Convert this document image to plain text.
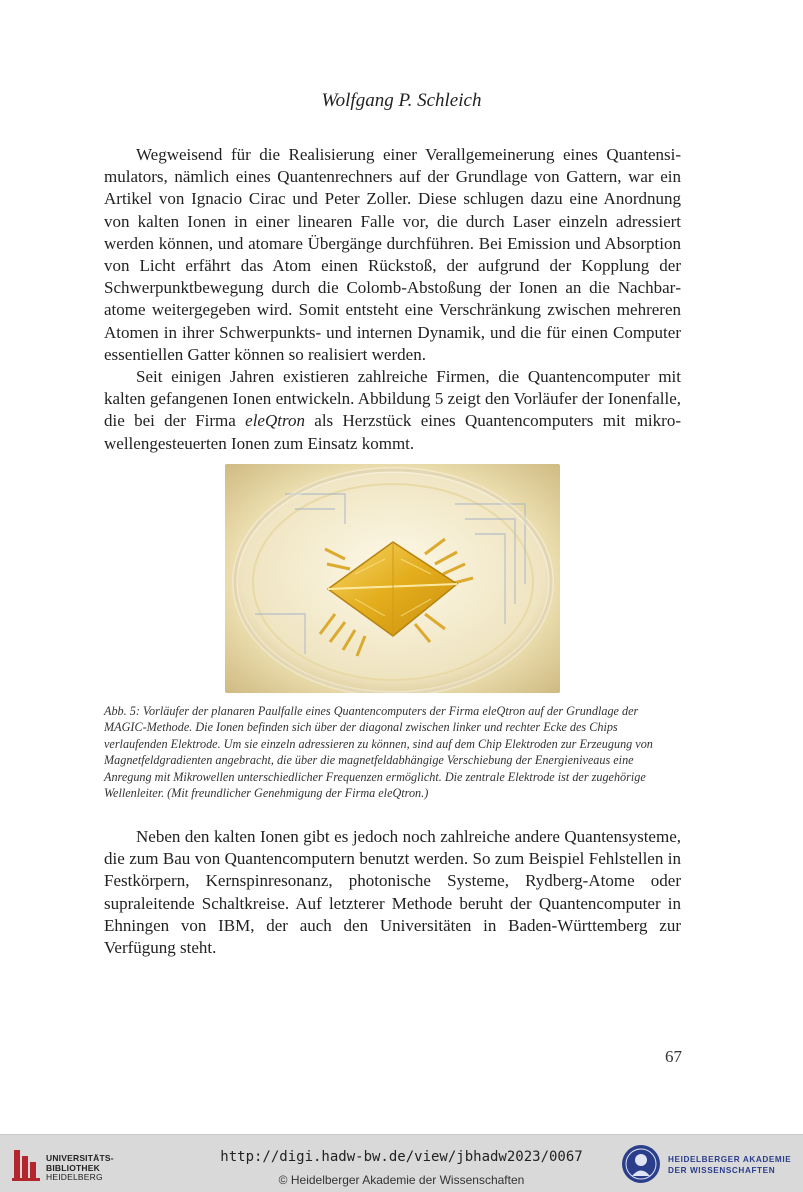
Wolfgang P. Schleich

Wegweisend für die Realisierung einer Verallgemeinerung eines Quantensimulators, nämlich eines Quantenrechners auf der Grundlage von Gattern, war ein Artikel von Ignacio Cirac und Peter Zoller. Diese schlugen dazu eine Anordnung von kalten Ionen in einer linearen Falle vor, die durch Laser einzeln adressiert werden können, und atomare Übergänge durchführen. Bei Emission und Absorption von Licht erfährt das Atom einen Rückstoß, der aufgrund der Kopplung der Schwerpunktbewegung durch die Colomb-Abstoßung der Ionen an die Nachbaratome weitergegeben wird. Somit entsteht eine Verschränkung zwischen mehreren Atomen in ihrer Schwerpunkts- und internen Dynamik, und die für einen Computer essentiellen Gatter können so realisiert werden.

Seit einigen Jahren existieren zahlreiche Firmen, die Quantencomputer mit kalten gefangenen Ionen entwickeln. Abbildung 5 zeigt den Vorläufer der Ionenfalle, die bei der Firma eleQtron als Herzstück eines Quantencomputers mit mikrowellengesteuerten Ionen zum Einsatz kommt.

Abb. 5: Vorläufer der planaren Paulfalle eines Quantencomputers der Firma eleQtron auf der Grundlage der MAGIC-Methode. Die Ionen befinden sich über der diagonal zwischen linker und rechter Ecke des Chips verlaufenden Elektrode. Um sie einzeln adressieren zu können, sind auf dem Chip Elektroden zur Erzeugung von Magnetfeldgradienten angebracht, die über die magnetfeldabhängige Verschiebung der Energieniveaus eine Anregung mit Mikrowellen unterschiedlicher Frequenzen ermöglicht. Die zentrale Elektrode ist der zugehörige Wellenleiter. (Mit freundlicher Genehmigung der Firma eleQtron.)

Neben den kalten Ionen gibt es jedoch noch zahlreiche andere Quantensysteme, die zum Bau von Quantencomputern benutzt werden. So zum Beispiel Fehlstellen in Festkörpern, Kernspinresonanz, photonische Systeme, Rydberg-Atome oder supraleitende Schaltkreise. Auf letzterer Methode beruht der Quantencomputer in Ehningen von IBM, der auch den Universitäten in Baden-Württemberg zur Verfügung steht.

67
UNIVERSITÄTS-
BIBLIOTHEK
HEIDELBERG
http://digi.hadw-bw.de/view/jbhadw2023/0067
© Heidelberger Akademie der Wissenschaften
HEIDELBERGER AKADEMIE
DER WISSENSCHAFTEN
